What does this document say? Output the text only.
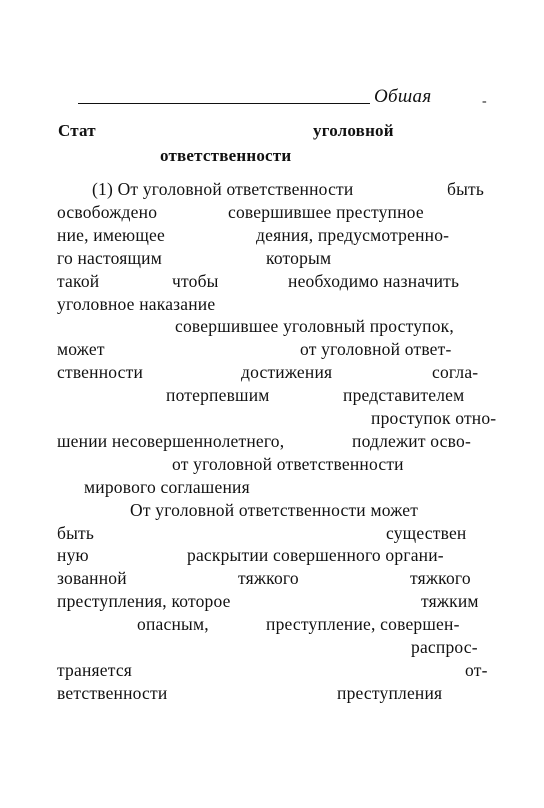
Обшая	-
Стат	уголовной
ответственности
(1) От уголовной ответственности	быть
освобождено	совершившее преступное
ние, имеющее	деяния, предусмотренно-
го настоящим	которым
такой	чтобы	необходимо назначить
уголовное наказание
совершившее уголовный проступок,
может	от уголовной ответ-
ственности	достижения	согла-
потерпевшим	представителем
проступок отно-
шении несовершеннолетнего,	подлежит осво-
от уголовной ответственности
мирового соглашения
От уголовной ответственности может
быть	существен
ную	раскрытии совершенного органи-
зованной	тяжкого	тяжкого
преступления, которое	тяжким
опасным,	преступление, совершен-
распрос-
траняется	от-
ветственности	преступления
